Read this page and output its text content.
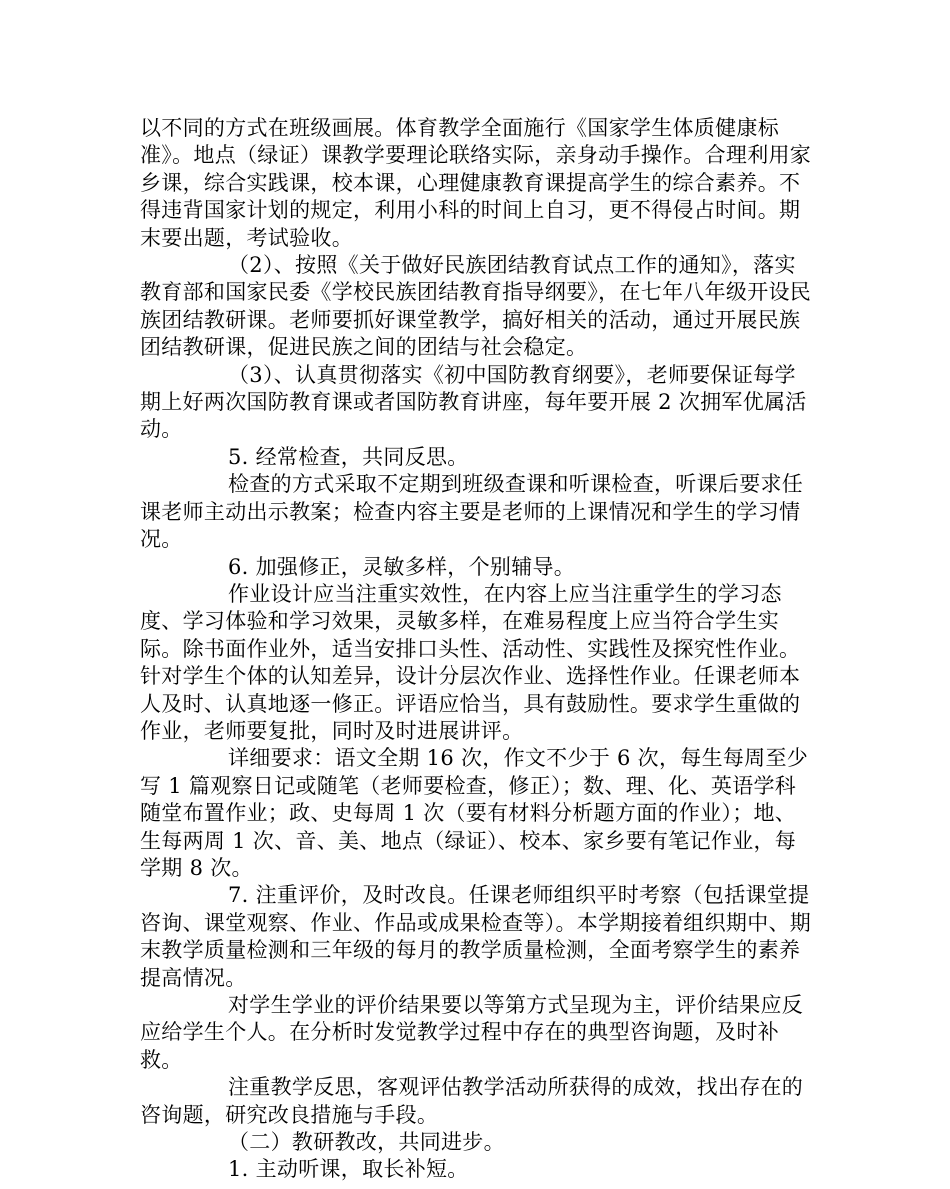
以不同的方式在班级画展。体育教学全面施行《国家学生体质健康标准》。地点（绿证）课教学要理论联络实际，亲身动手操作。合理利用家乡课，综合实践课，校本课，心理健康教育课提高学生的综合素养。不得违背国家计划的规定，利用小科的时间上自习，更不得侵占时间。期末要出题，考试验收。

（2）、按照《关于做好民族团结教育试点工作的通知》，落实教育部和国家民委《学校民族团结教育指导纲要》，在七年八年级开设民族团结教研课。老师要抓好课堂教学，搞好相关的活动，通过开展民族团结教研课，促进民族之间的团结与社会稳定。

（3）、认真贯彻落实《初中国防教育纲要》，老师要保证每学期上好两次国防教育课或者国防教育讲座，每年要开展 2 次拥军优属活动。

5. 经常检查，共同反思。

检查的方式采取不定期到班级查课和听课检查，听课后要求任课老师主动出示教案；检查内容主要是老师的上课情况和学生的学习情况。

6. 加强修正，灵敏多样，个别辅导。

作业设计应当注重实效性，在内容上应当注重学生的学习态度、学习体验和学习效果，灵敏多样，在难易程度上应当符合学生实际。除书面作业外，适当安排口头性、活动性、实践性及探究性作业。针对学生个体的认知差异，设计分层次作业、选择性作业。任课老师本人及时、认真地逐一修正。评语应恰当，具有鼓励性。要求学生重做的作业，老师要复批，同时及时进展讲评。

详细要求：语文全期 16 次，作文不少于 6 次，每生每周至少写 1 篇观察日记或随笔（老师要检查，修正）；数、理、化、英语学科随堂布置作业；政、史每周 1 次（要有材料分析题方面的作业）；地、生每两周 1 次、音、美、地点（绿证）、校本、家乡要有笔记作业，每学期 8 次。

7. 注重评价，及时改良。任课老师组织平时考察（包括课堂提咨询、课堂观察、作业、作品或成果检查等）。本学期接着组织期中、期末教学质量检测和三年级的每月的教学质量检测，全面考察学生的素养提高情况。

对学生学业的评价结果要以等第方式呈现为主，评价结果应反应给学生个人。在分析时发觉教学过程中存在的典型咨询题，及时补救。

注重教学反思，客观评估教学活动所获得的成效，找出存在的咨询题，研究改良措施与手段。

（二）教研教改，共同进步。

1. 主动听课，取长补短。
